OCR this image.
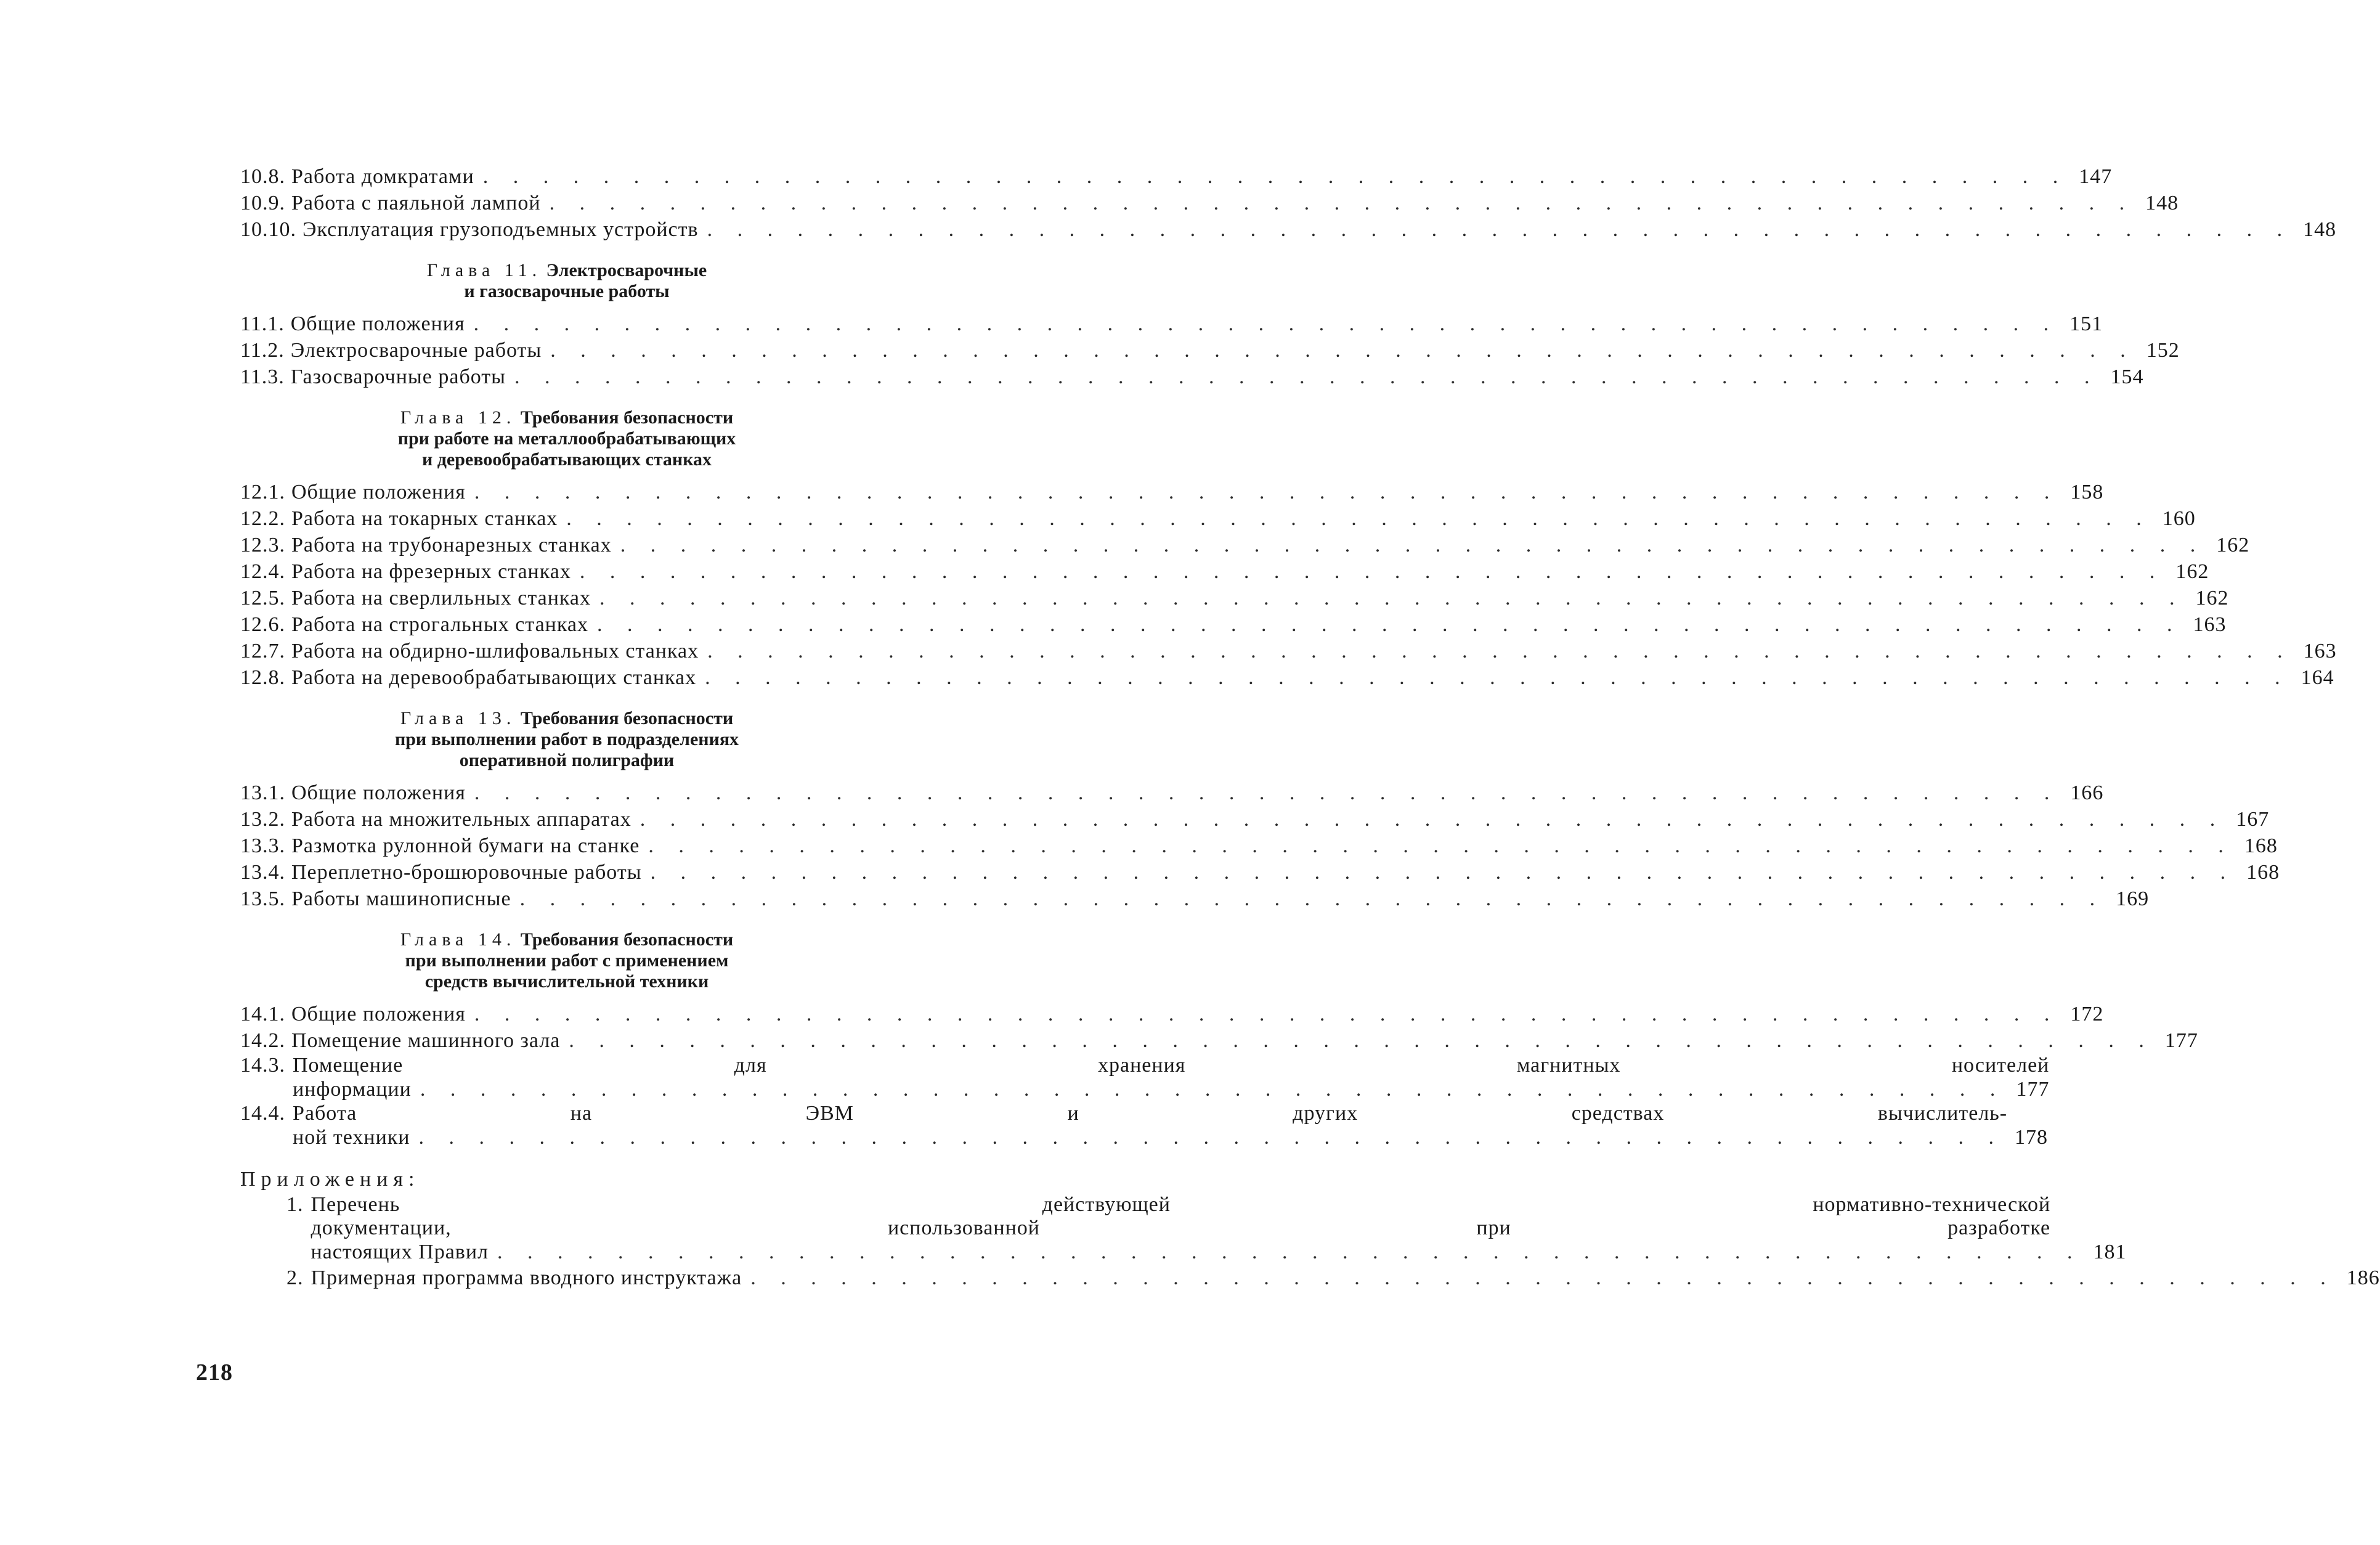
10.8. Работа домкратами . . . . . . . . . . . . . . . . . . . . . . . . . . . . . . . . . . . . . . . . . . . . . . . . . . . . . 147
10.9. Работа с паяльной лампой . . . . . . . . . . . . . . . . . . . . . . . . . . . . . . . . . . . . . . . . . . . . . . . . . . . . . 148
10.10. Эксплуатация грузоподъемных устройств . . . . . . . . . . . . . . . . . . . . . . . . . . . . . . . . . . . . . . . . . . . . . . . . . . . . . 148
Глава 11. Электросварочные
и газосварочные работы
11.1. Общие положения . . . . . . . . . . . . . . . . . . . . . . . . . . . . . . . . . . . . . . . . . . . . . . . . . . . . . 151
11.2. Электросварочные работы . . . . . . . . . . . . . . . . . . . . . . . . . . . . . . . . . . . . . . . . . . . . . . . . . . . . . 152
11.3. Газосварочные работы . . . . . . . . . . . . . . . . . . . . . . . . . . . . . . . . . . . . . . . . . . . . . . . . . . . . . 154
Глава 12. Требования безопасности
при работе на металлообрабатывающих
и деревообрабатывающих станках
12.1. Общие положения . . . . . . . . . . . . . . . . . . . . . . . . . . . . . . . . . . . . . . . . . . . . . . . . . . . . . 158
12.2. Работа на токарных станках . . . . . . . . . . . . . . . . . . . . . . . . . . . . . . . . . . . . . . . . . . . . . . . . . . . . . 160
12.3. Работа на трубонарезных станках . . . . . . . . . . . . . . . . . . . . . . . . . . . . . . . . . . . . . . . . . . . . . . . . . . . . . 162
12.4. Работа на фрезерных станках . . . . . . . . . . . . . . . . . . . . . . . . . . . . . . . . . . . . . . . . . . . . . . . . . . . . . 162
12.5. Работа на сверлильных станках . . . . . . . . . . . . . . . . . . . . . . . . . . . . . . . . . . . . . . . . . . . . . . . . . . . . . 162
12.6. Работа на строгальных станках . . . . . . . . . . . . . . . . . . . . . . . . . . . . . . . . . . . . . . . . . . . . . . . . . . . . . 163
12.7. Работа на обдирно-шлифовальных станках . . . . . . . . . . . . . . . . . . . . . . . . . . . . . . . . . . . . . . . . . . . . . . . . . . . . . 163
12.8. Работа на деревообрабатывающих станках . . . . . . . . . . . . . . . . . . . . . . . . . . . . . . . . . . . . . . . . . . . . . . . . . . . . . 164
Глава 13. Требования безопасности
при выполнении работ в подразделениях
оперативной полиграфии
13.1. Общие положения . . . . . . . . . . . . . . . . . . . . . . . . . . . . . . . . . . . . . . . . . . . . . . . . . . . . . 166
13.2. Работа на множительных аппаратах . . . . . . . . . . . . . . . . . . . . . . . . . . . . . . . . . . . . . . . . . . . . . . . . . . . . . 167
13.3. Размотка рулонной бумаги на станке . . . . . . . . . . . . . . . . . . . . . . . . . . . . . . . . . . . . . . . . . . . . . . . . . . . . . 168
13.4. Переплетно-брошюровочные работы . . . . . . . . . . . . . . . . . . . . . . . . . . . . . . . . . . . . . . . . . . . . . . . . . . . . . 168
13.5. Работы машинописные . . . . . . . . . . . . . . . . . . . . . . . . . . . . . . . . . . . . . . . . . . . . . . . . . . . . . 169
Глава 14. Требования безопасности
при выполнении работ с применением
средств вычислительной техники
14.1. Общие положения . . . . . . . . . . . . . . . . . . . . . . . . . . . . . . . . . . . . . . . . . . . . . . . . . . . . . 172
14.2. Помещение машинного зала . . . . . . . . . . . . . . . . . . . . . . . . . . . . . . . . . . . . . . . . . . . . . . . . . . . . . 177
14.3. Помещение для хранения магнитных носителей
информации . . . . . . . . . . . . . . . . . . . . . . . . . . . . . . . . . . . . . . . . . . . . . . . . . . . . . 177
14.4. Работа на ЭВМ и других средствах вычислитель-
ной техники . . . . . . . . . . . . . . . . . . . . . . . . . . . . . . . . . . . . . . . . . . . . . . . . . . . . . 178
Приложения:
1. Перечень действующей нормативно-технической
документации, использованной при разработке
настоящих Правил . . . . . . . . . . . . . . . . . . . . . . . . . . . . . . . . . . . . . . . . . . . . . . . . . . . . . 181
2. Примерная программа вводного инструктажа . . . . . . . . . . . . . . . . . . . . . . . . . . . . . . . . . . . . . . . . . . . . . . . . . . . . . 186
218
